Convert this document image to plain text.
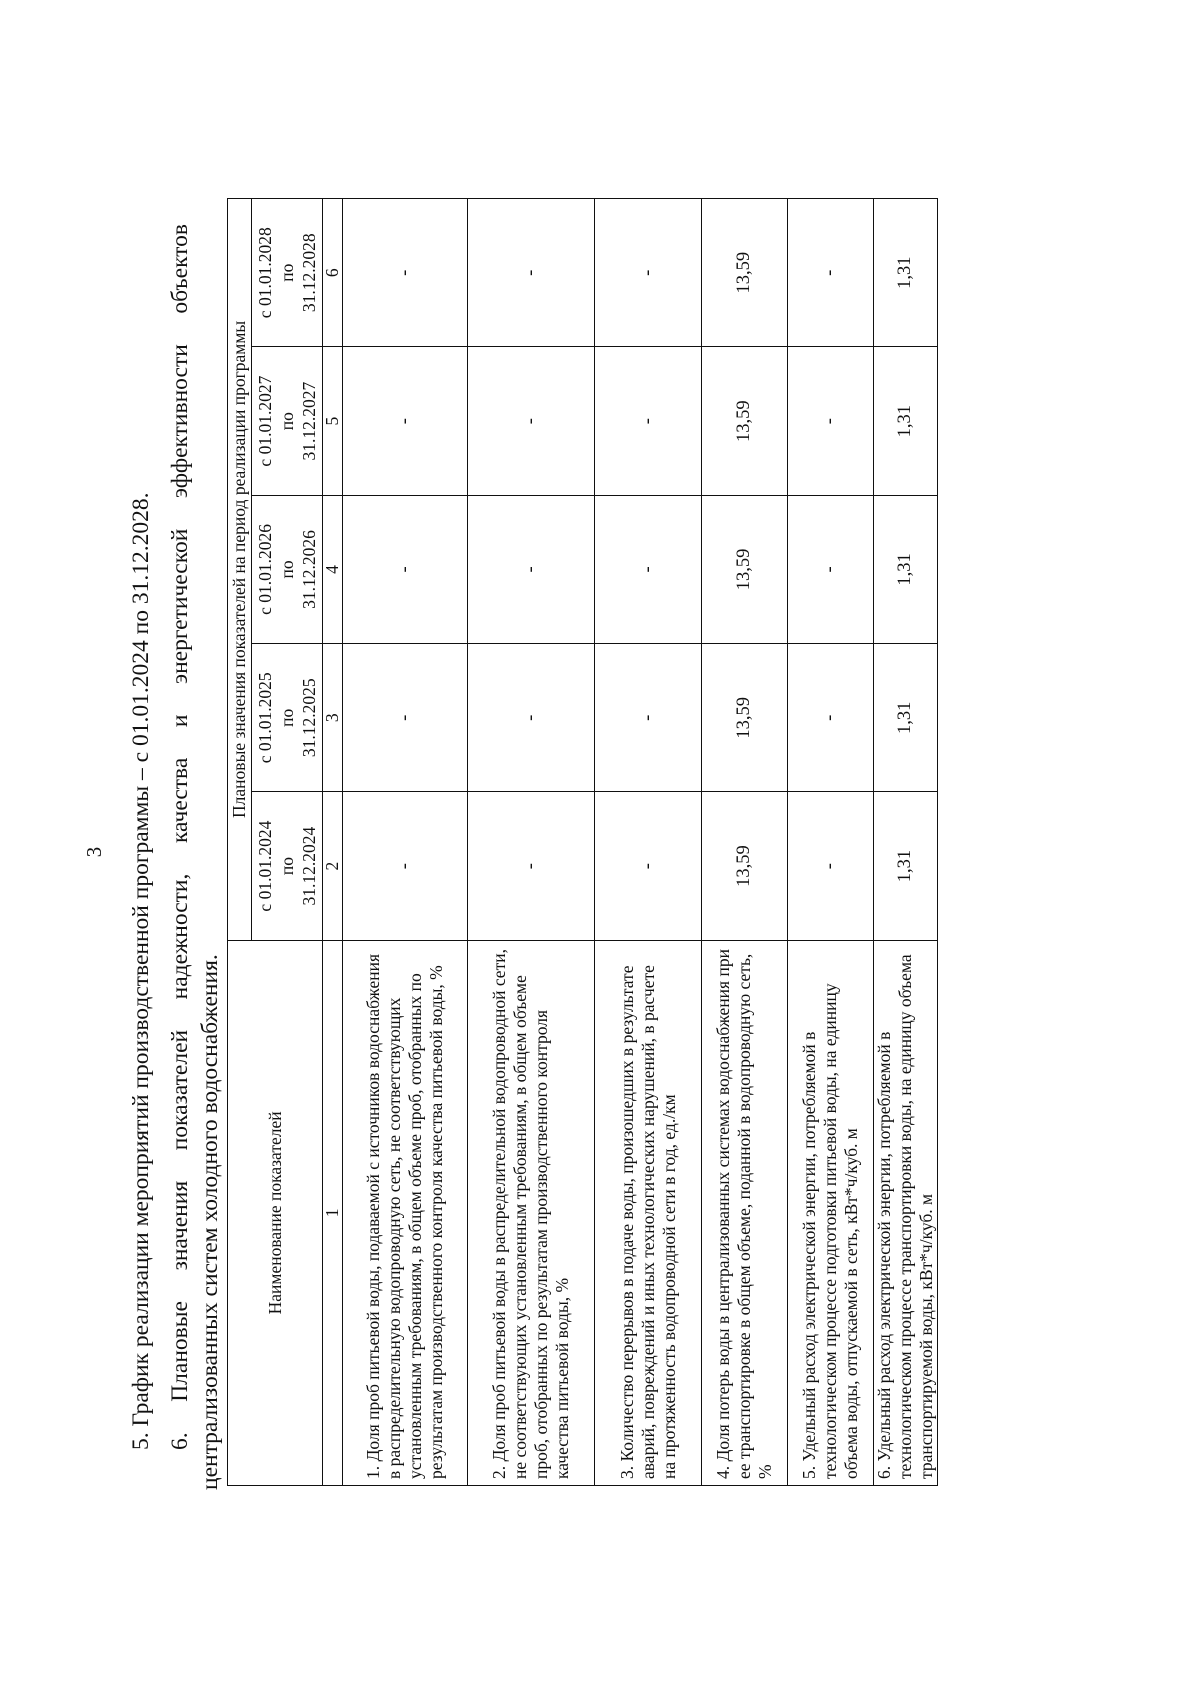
3 5. График реализации мероприятий производственной программы – с 01.01.2024 по 31.12.2028. 6. Плановые значения показателей надежности, качества и энергетической эффективности объектов централизованных систем холодного водоснабжения. Наименование показателей	Плановые значения показателей на период реализации программы				

	с 01.01.2024 по 31.12.2024	с 01.01.2025 по 31.12.2025	с 01.01.2026 по 31.12.2026	с 01.01.2027 по 31.12.2027	с 01.01.2028 по 31.12.2028

1	2	3	4	5	6
1. Доля проб питьевой воды, подаваемой с источников водоснабжения в распределительную водопроводную сеть, не соответствующих установленным требованиям, в общем объеме проб, отобранных по результатам производственного контроля качества питьевой воды, %	-	-	-	-	-
2. Доля проб питьевой воды в распределительной водопроводной сети, не соответствующих установленным требованиям, в общем объеме проб, отобранных по результатам производственного контроля качества питьевой воды, %	-	-	-	-	-
3. Количество перерывов в подаче воды, произошедших в результате аварий, повреждений и иных технологических нарушений, в расчете на протяженность водопроводной сети в год, ед./км	-	-	-	-	-
4. Доля потерь воды в централизованных системах водоснабжения при ее транспортировке в общем объеме, поданной в водопроводную сеть, %	13,59	13,59	13,59	13,59	13,59
5. Удельный расход электрической энергии, потребляемой в технологическом процессе подготовки питьевой воды, на единицу объема воды, отпускаемой в сеть, кВт*ч/куб. м	-	-	-	-	-
6. Удельный расход электрической энергии, потребляемой в технологическом процессе транспортировки воды, на единицу объема транспортируемой воды, кВт*ч/куб. м	1,31	1,31	1,31	1,31	1,31
